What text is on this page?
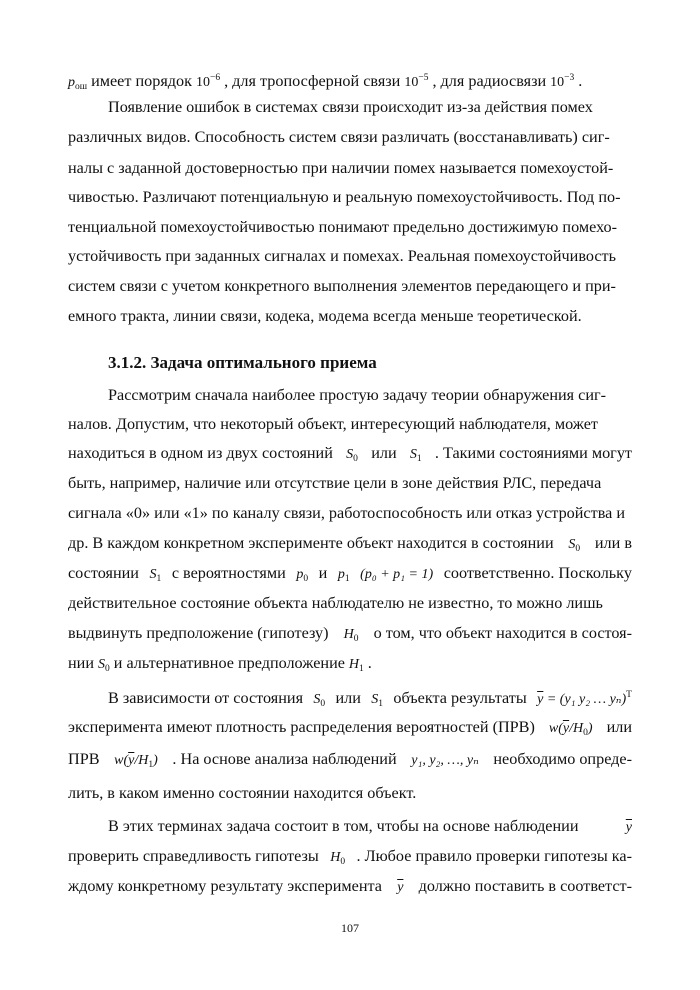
$p_{ош}$ имеет порядок $10^{-6}$ , для тропосферной связи $10^{-5}$ , для радиосвязи $10^{-3}$ .
Появление ошибок в системах связи происходит из-за действия помех
различных видов. Способность систем связи различать (восстанавливать) сиг-
налы с заданной достоверностью при наличии помех называется помехоустой-
чивостью. Различают потенциальную и реальную помехоустойчивость. Под по-
тенциальной помехоустойчивостью понимают предельно достижимую помехо-
устойчивость при заданных сигналах и помехах. Реальная помехоустойчивость
систем связи с учетом конкретного выполнения элементов передающего и при-
емного тракта, линии связи, кодека, модема всегда меньше теоретической.
3.1.2. Задача оптимального приема
Рассмотрим сначала наиболее простую задачу теории обнаружения сиг-
налов. Допустим, что некоторый объект, интересующий наблюдателя, может
находиться в одном из двух состояний $S_0$ или $S_1$ . Такими состояниями могут
быть, например, наличие или отсутствие цели в зоне действия РЛС, передача
сигнала «0» или «1» по каналу связи, работоспособность или отказ устройства и
др. В каждом конкретном эксперименте объект находится в состоянии $S_0$ или в
состоянии $S_1$ с вероятностями $p_0$ и $p_1$ (p₀ + p₁ = 1) соответственно. Поскольку
действительное состояние объекта наблюдателю не известно, то можно лишь
выдвинуть предположение (гипотезу) $H_0$ о том, что объект находится в состоя-
нии $S_0$ и альтернативное предположение $H_1$ .
В зависимости от состояния $S_0$ или $S_1$ объекта результаты $\overline{y} = (y_1$ y₂ … yₙ)$^T$
эксперимента имеют плотность распределения вероятностей (ПРВ) $w(\overline{y}/H_0)$ или
ПРВ $w(\overline{y}/H_1)$ . На основе анализа наблюдений y₁, y₂, …, yₙ необходимо опреде-
лить, в каком именно состоянии находится объект.
В этих терминах задача состоит в том, чтобы на основе наблюдении	$\overline{y}$
проверить справедливость гипотезы $H_0$ . Любое правило проверки гипотезы ка-
ждому конкретному результату эксперимента $\overline{y}$ должно поставить в соответст-
107
